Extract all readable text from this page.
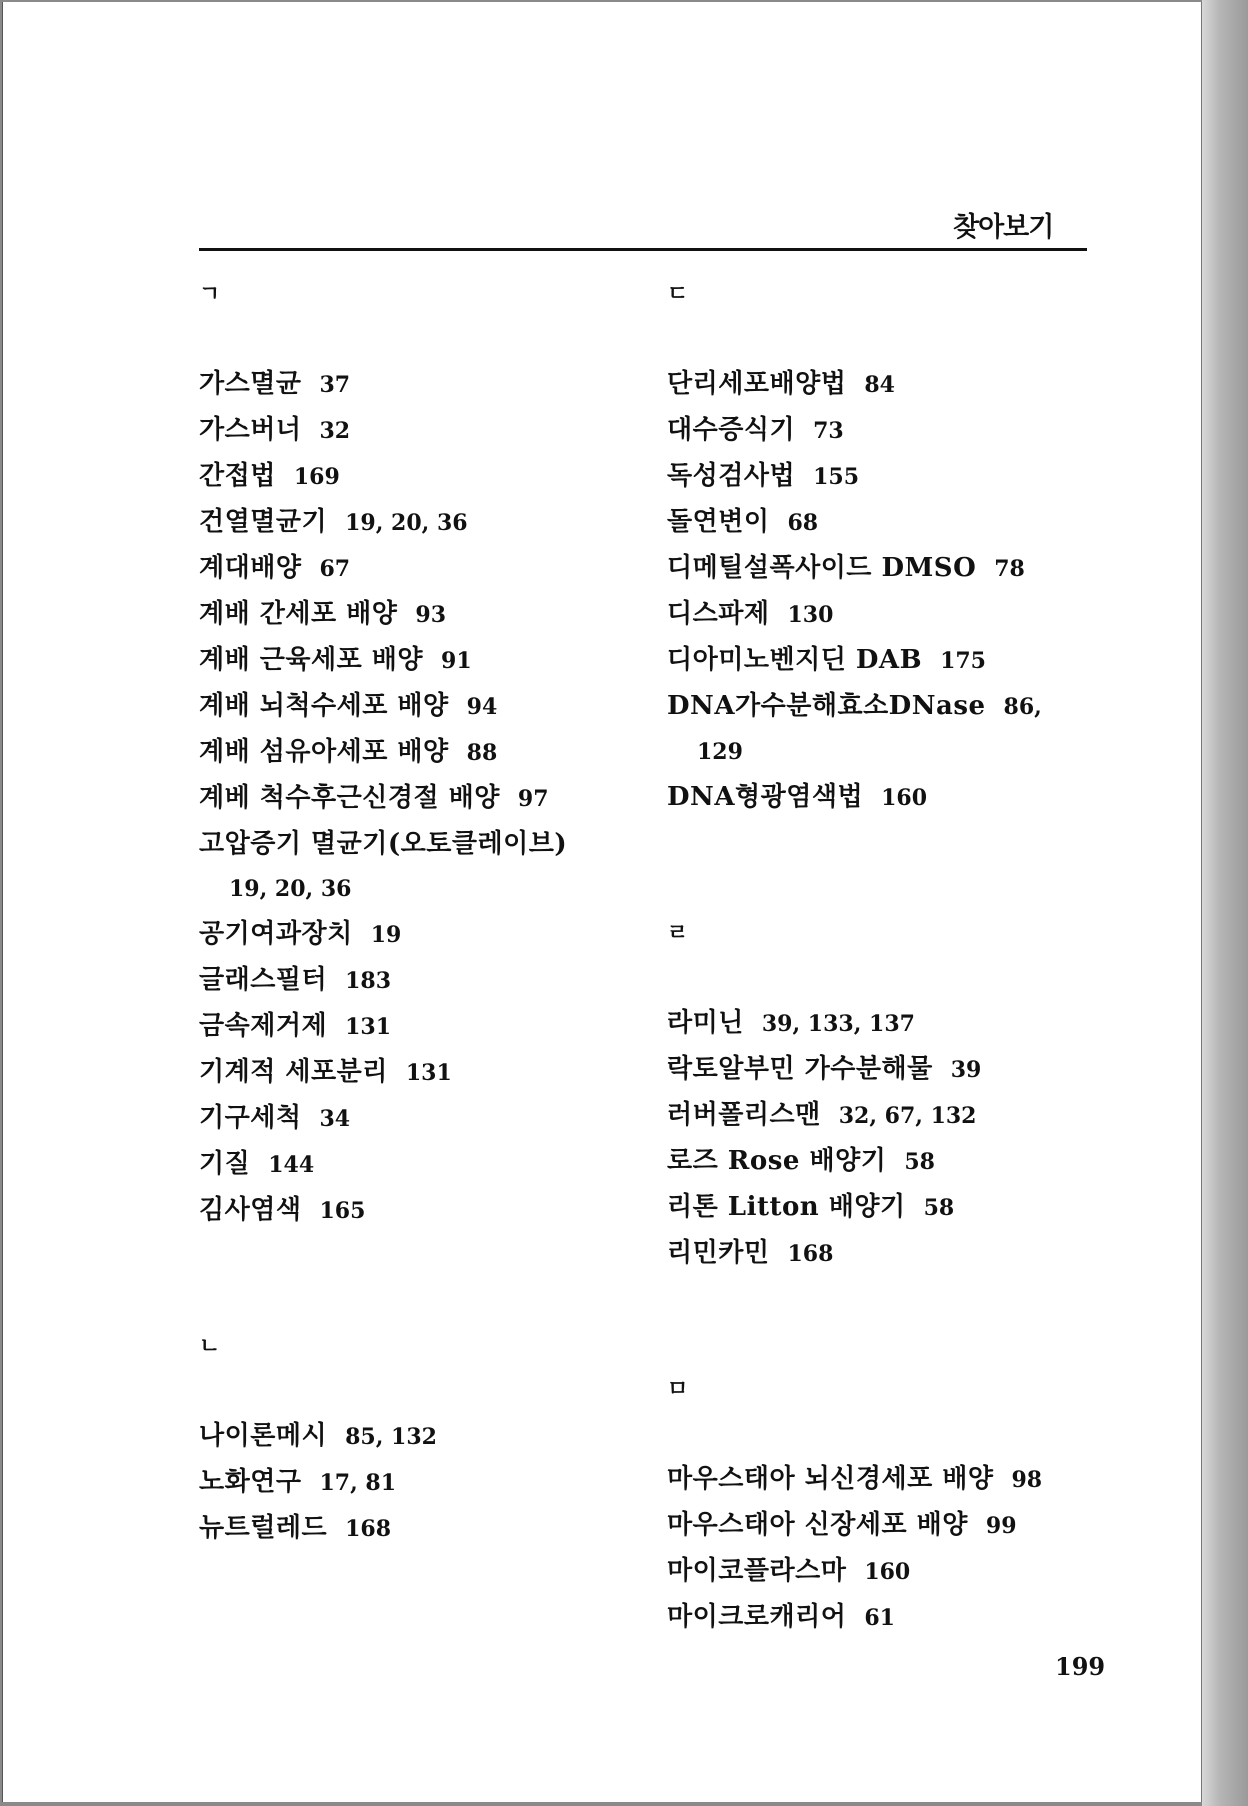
찾아보기
ㄱ
가스멸균 37
가스버너 32
간접법 169
건열멸균기 19, 20, 36
계대배양 67
계배 간세포 배양 93
계배 근육세포 배양 91
계배 뇌척수세포 배양 94
계배 섬유아세포 배양 88
계베 척수후근신경절 배양 97
고압증기 멸균기(오토클레이브)
19, 20, 36
공기여과장치 19
글래스필터 183
금속제거제 131
기계적 세포분리 131
기구세척 34
기질 144
김사염색 165
ㄴ
나이론메시 85, 132
노화연구 17, 81
뉴트럴레드 168
ㄷ
단리세포배양법 84
대수증식기 73
독성검사법 155
돌연변이 68
디메틸설폭사이드 DMSO 78
디스파제 130
디아미노벤지딘 DAB 175
DNA가수분해효소DNase 86,
129
DNA형광염색법 160
ㄹ
라미닌 39, 133, 137
락토알부민 가수분해물 39
러버폴리스맨 32, 67, 132
로즈 Rose 배양기 58
리톤 Litton 배양기 58
리민카민 168
ㅁ
마우스태아 뇌신경세포 배양 98
마우스태아 신장세포 배양 99
마이코플라스마 160
마이크로캐리어 61
199
